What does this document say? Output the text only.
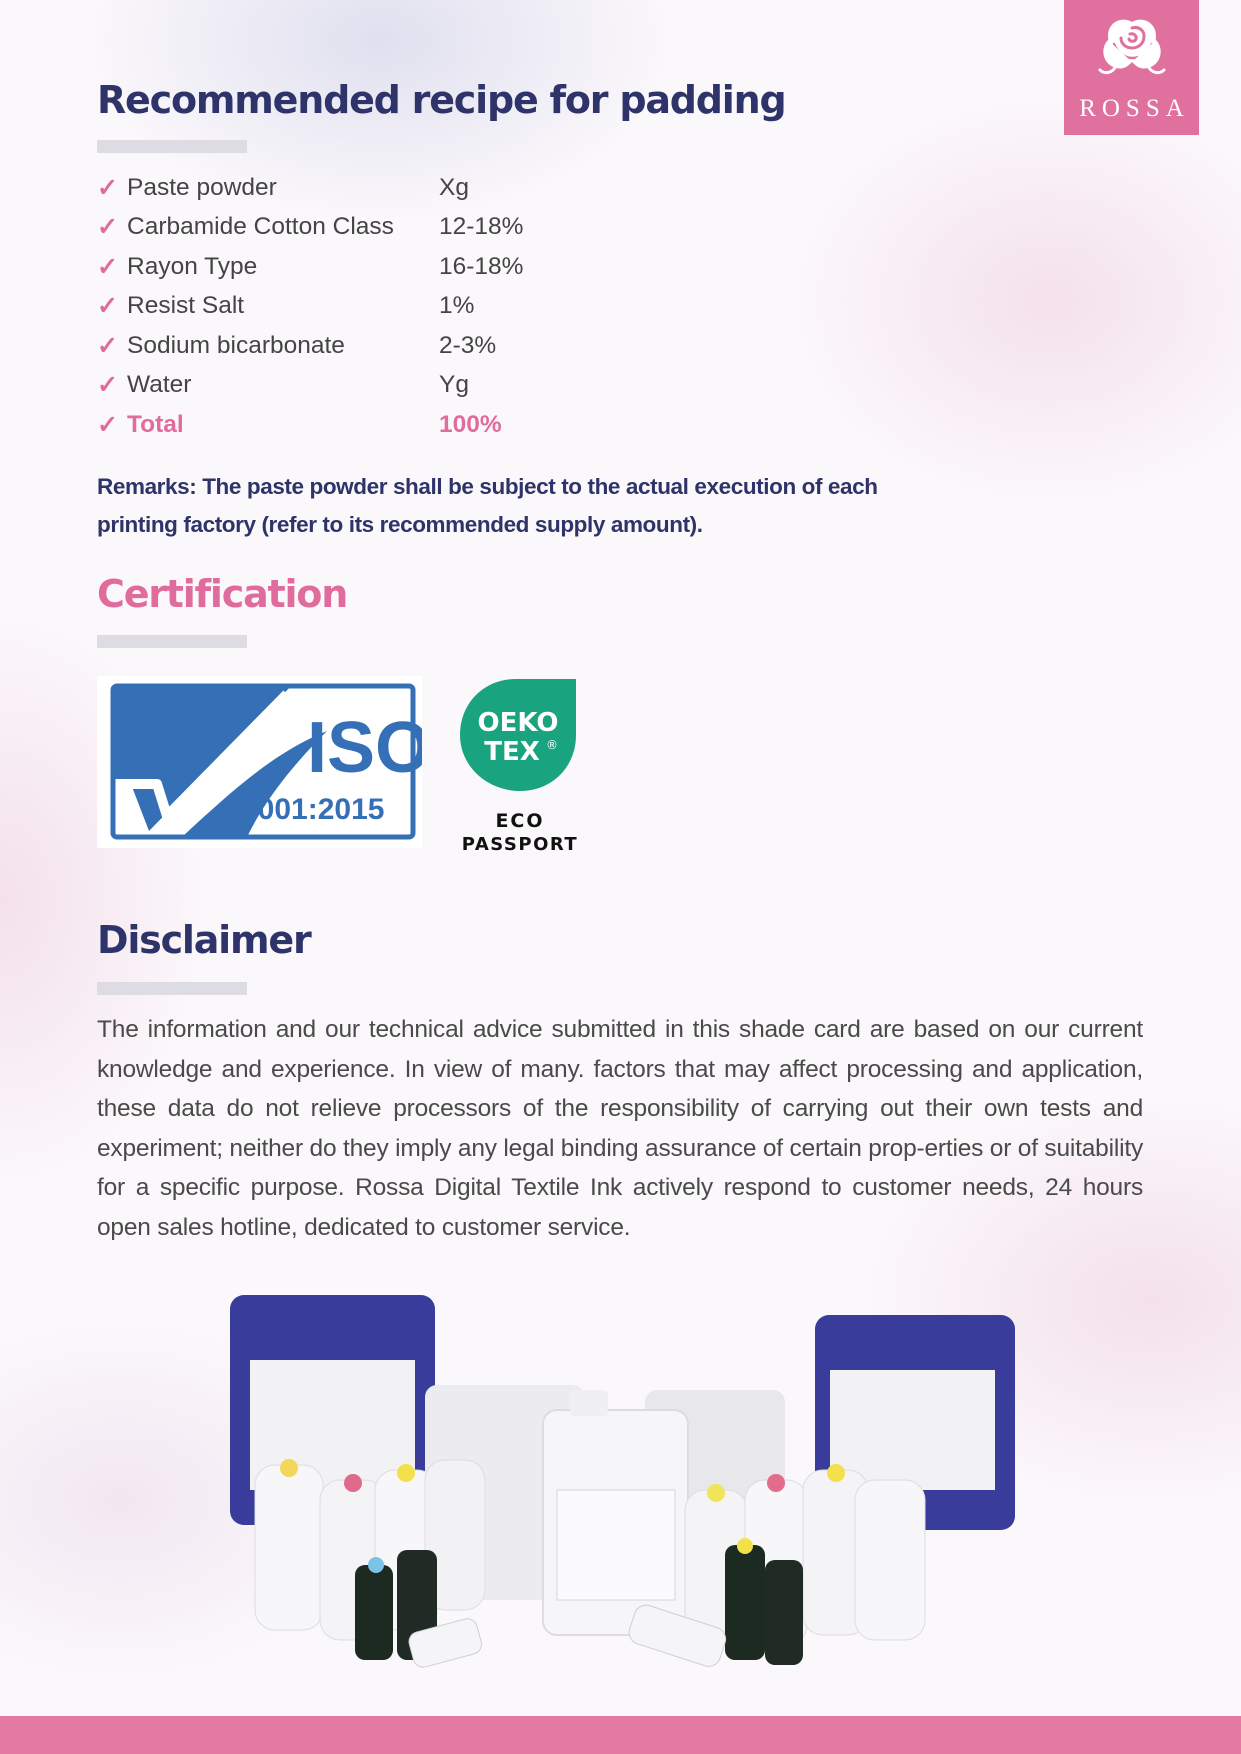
ROSSA
Recommended recipe for padding
✓ Paste powder	Xg
✓ Carbamide Cotton Class	12-18%
✓ Rayon Type	16-18%
✓ Resist Salt	1%
✓ Sodium bicarbonate	2-3%
✓ Water	Yg
✓ Total	100%
Remarks: The paste powder shall be subject to the actual execution of each
printing factory (refer to its recommended supply amount).
Certification
ISO
9001:2015
OEKO
TEX ®
ECO
PASSPORT
Disclaimer
The information and our technical advice submitted in this shade card are based on our current knowledge and experience. In view of many. factors that may affect processing and application, these data do not relieve processors of the responsibility of carrying out their own tests and experiment; neither do they imply any legal binding assurance of certain prop-erties or of suitability for a specific purpose. Rossa Digital Textile Ink actively respond to customer needs, 24 hours open sales hotline, dedicated to customer service.
